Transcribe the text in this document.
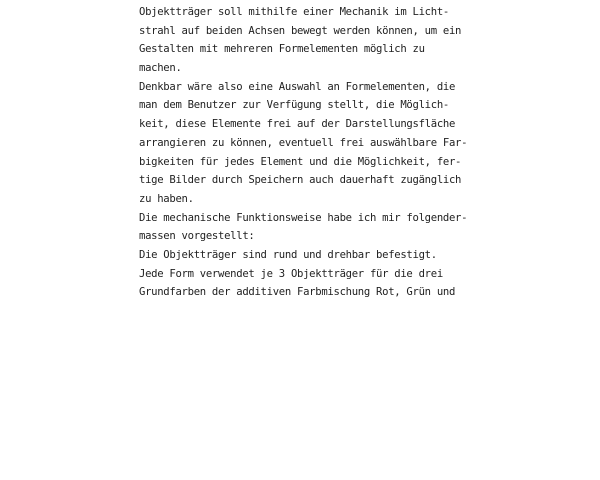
Objektträger soll mithilfe einer Mechanik im Licht-
strahl auf beiden Achsen bewegt werden können, um ein
Gestalten mit mehreren Formelementen möglich zu
machen.
Denkbar wäre also eine Auswahl an Formelementen, die
man dem Benutzer zur Verfügung stellt, die Möglich-
keit, diese Elemente frei auf der Darstellungsfläche
arrangieren zu können, eventuell frei auswählbare Far-
bigkeiten für jedes Element und die Möglichkeit, fer-
tige Bilder durch Speichern auch dauerhaft zugänglich
zu haben.
Die mechanische Funktionsweise habe ich mir folgender-
massen vorgestellt:
Die Objektträger sind rund und drehbar befestigt.
Jede Form verwendet je 3 Objektträger für die drei
Grundfarben der additiven Farbmischung Rot, Grün und
